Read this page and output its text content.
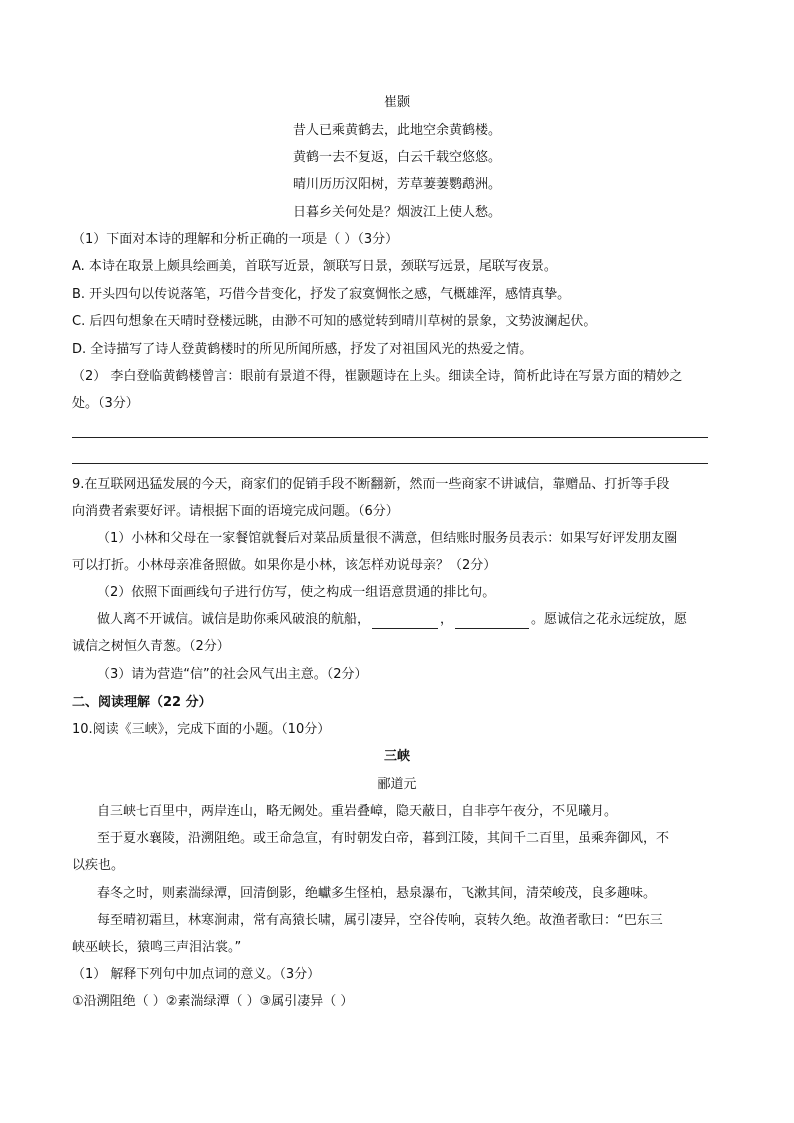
崔颢
昔人已乘黄鹤去，此地空余黄鹤楼。
黄鹤一去不复返，白云千载空悠悠。
晴川历历汉阳树，芳草萋萋鹦鹉洲。
日暮乡关何处是？烟波江上使人愁。
（1）下面对本诗的理解和分析正确的一项是（ ）（3分）
A. 本诗在取景上颇具绘画美，首联写近景，颔联写日景，颈联写远景，尾联写夜景。
B. 开头四句以传说落笔，巧借今昔变化，抒发了寂寞惆怅之感，气概雄浑，感情真挚。
C. 后四句想象在天晴时登楼远眺，由渺不可知的感觉转到晴川草树的景象，文势波澜起伏。
D. 全诗描写了诗人登黄鹤楼时的所见所闻所感，抒发了对祖国风光的热爱之情。
（2） 李白登临黄鹤楼曾言：眼前有景道不得，崔颢题诗在上头。细读全诗，简析此诗在写景方面的精妙之
处。（3分）
9.在互联网迅猛发展的今天，商家们的促销手段不断翻新，然而一些商家不讲诚信，靠赠品、打折等手段
向消费者索要好评。请根据下面的语境完成问题。（6分）
（1）小林和父母在一家餐馆就餐后对菜品质量很不满意，但结账时服务员表示：如果写好评发朋友圈
可以打折。小林母亲准备照做。如果你是小林，该怎样劝说母亲？（2分）
（2）依照下面画线句子进行仿写，使之构成一组语意贯通的排比句。
做人离不开诚信。诚信是助你乘风破浪的航船，	，	。愿诚信之花永远绽放，愿
诚信之树恒久青葱。（2分）
（3）请为营造“信”的社会风气出主意。（2分）
二、阅读理解（22 分）
10.阅读《三峡》，完成下面的小题。（10分）
三峡
郦道元
自三峡七百里中，两岸连山，略无阙处。重岩叠嶂，隐天蔽日，自非亭午夜分，不见曦月。
至于夏水襄陵，沿溯阻绝。或王命急宣，有时朝发白帝，暮到江陵，其间千二百里，虽乘奔御风，不
以疾也。
春冬之时，则素湍绿潭，回清倒影，绝巘多生怪柏，悬泉瀑布，飞漱其间，清荣峻茂，良多趣味。
每至晴初霜旦，林寒涧肃，常有高猿长啸，属引凄异，空谷传响，哀转久绝。故渔者歌曰：“巴东三
峡巫峡长，猿鸣三声泪沾裳。”
（1） 解释下列句中加点词的意义。（3分）
①沿溯阻绝（ ）②素湍绿潭（ ）③属引凄异（ ）
